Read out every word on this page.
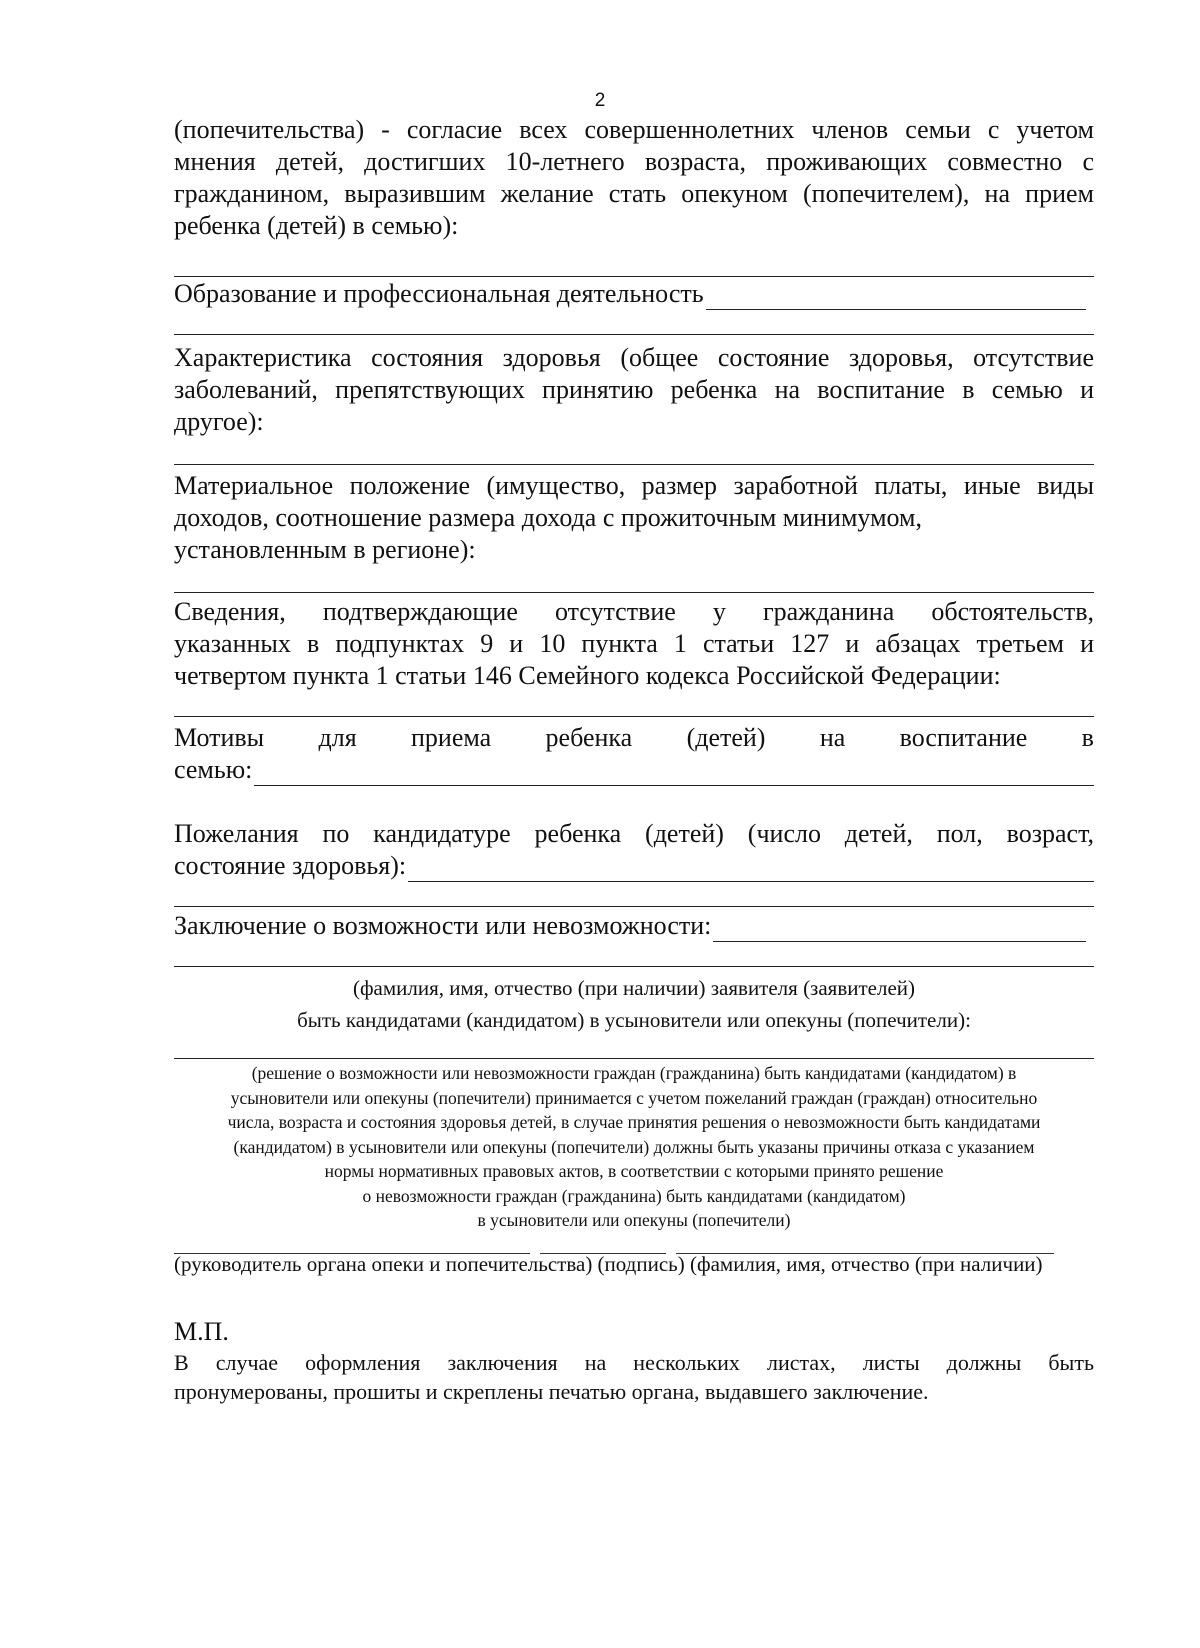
2
(попечительства) - согласие всех совершеннолетних членов семьи с учетом
мнения детей, достигших 10-летнего возраста, проживающих совместно с
гражданином, выразившим желание стать опекуном (попечителем), на прием
ребенка (детей) в семью):
Образование и профессиональная деятельность
Характеристика состояния здоровья (общее состояние здоровья, отсутствие
заболеваний, препятствующих принятию ребенка на воспитание в семью и
другое):
Материальное положение (имущество, размер заработной платы, иные виды
доходов, соотношение размера дохода с прожиточным минимумом,
установленным в регионе):
Сведения, подтверждающие отсутствие у гражданина обстоятельств,
указанных в подпунктах 9 и 10 пункта 1 статьи 127 и абзацах третьем и
четвертом пункта 1 статьи 146 Семейного кодекса Российской Федерации:
Мотивы для приема ребенка (детей) на воспитание в
семью:
Пожелания по кандидатуре ребенка (детей) (число детей, пол, возраст,
состояние здоровья):
Заключение о возможности или невозможности:
(фамилия, имя, отчество (при наличии) заявителя (заявителей)
быть кандидатами (кандидатом) в усыновители или опекуны (попечители):
(решение о возможности или невозможности граждан (гражданина) быть кандидатами (кандидатом) в
усыновители или опекуны (попечители) принимается с учетом пожеланий граждан (граждан) относительно
числа, возраста и состояния здоровья детей, в случае принятия решения о невозможности быть кандидатами
(кандидатом) в усыновители или опекуны (попечители) должны быть указаны причины отказа с указанием
нормы нормативных правовых актов, в соответствии с которыми принято решение
о невозможности граждан (гражданина) быть кандидатами (кандидатом)
в усыновители или опекуны (попечители)
(руководитель органа опеки и попечительства) (подпись) (фамилия, имя, отчество (при наличии)
М.П.
В случае оформления заключения на нескольких листах, листы должны быть
пронумерованы, прошиты и скреплены печатью органа, выдавшего заключение.
